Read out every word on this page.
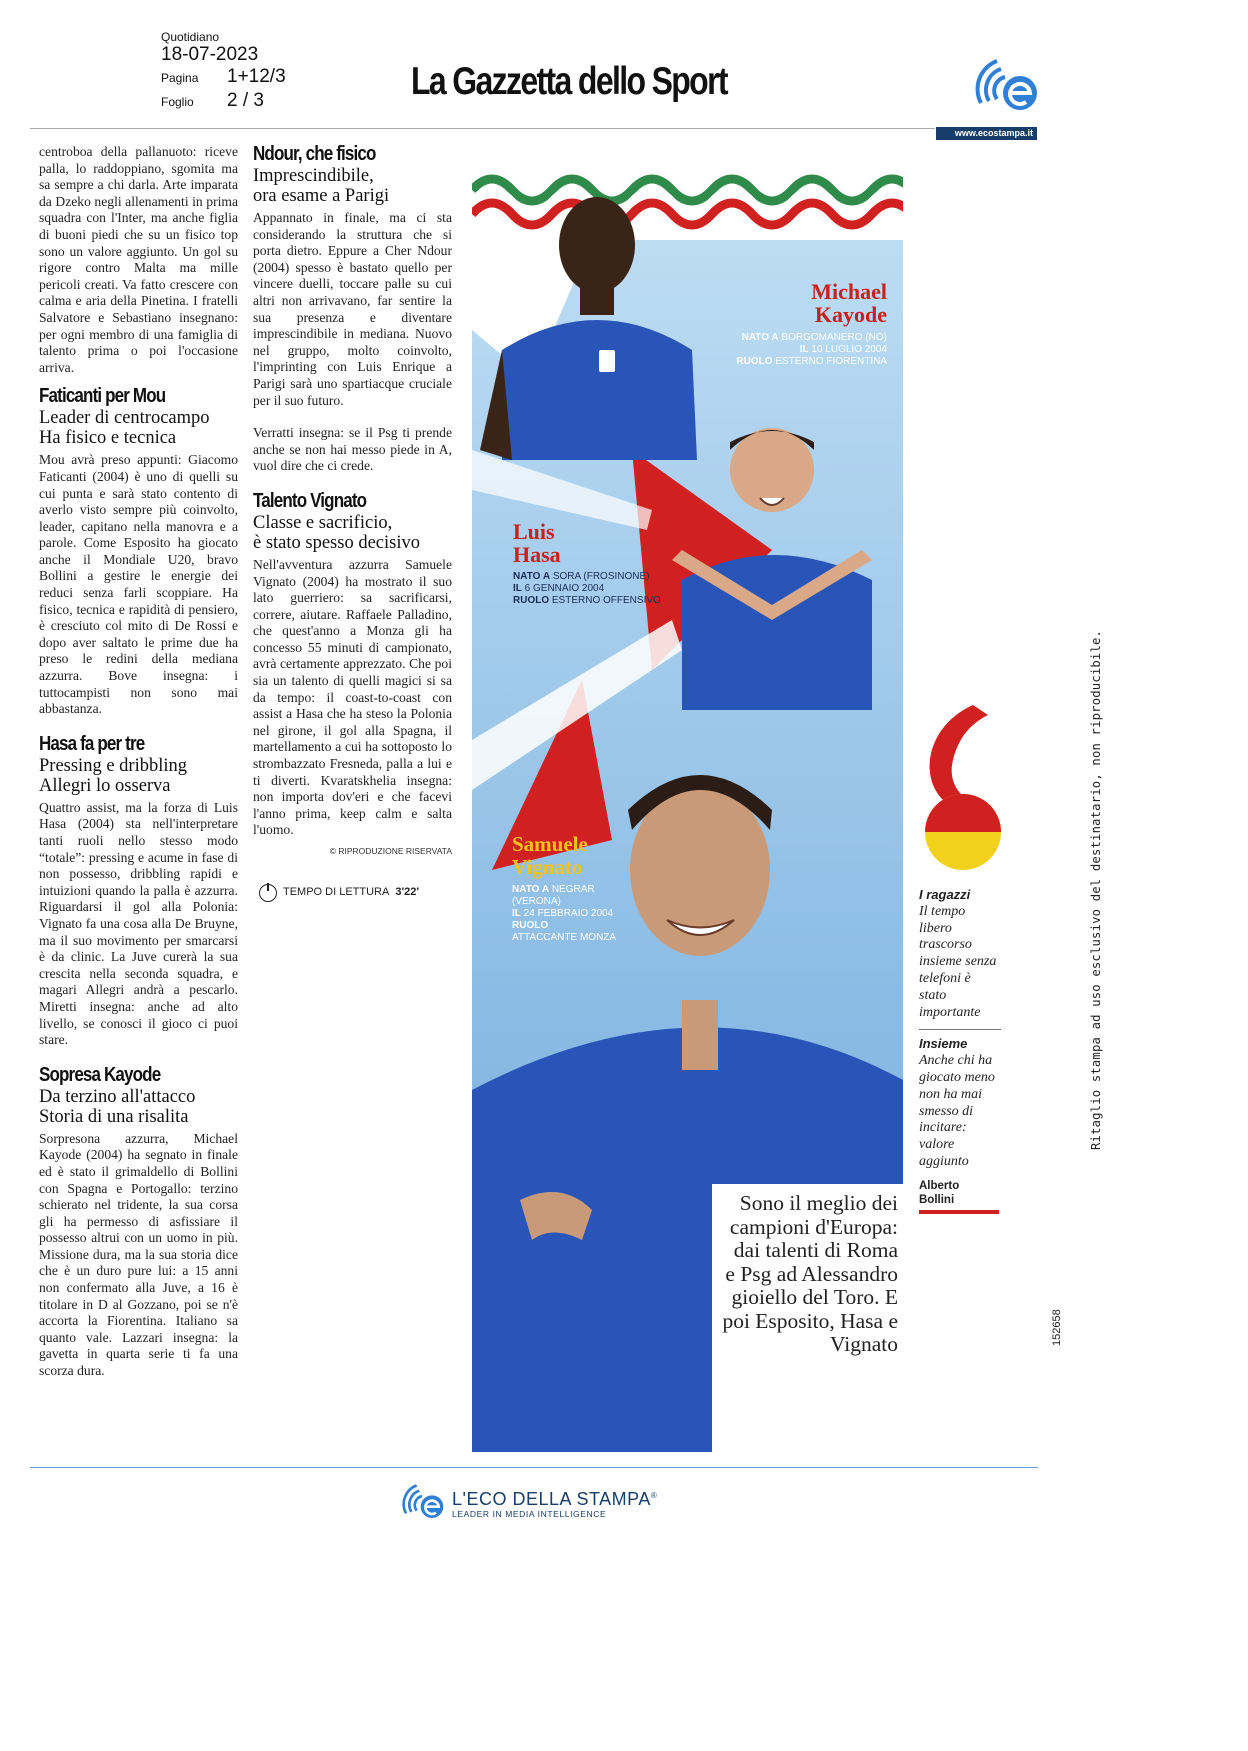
Quotidiano
18-07-2023
Pagina	1+12/3
Foglio	2 / 3	La Gazzetta dello Sport
www.ecostampa.it

centroboa della pallanuoto: riceve palla, lo raddoppiano, sgomita ma sa sempre a chi darla. Arte imparata da Dzeko negli allenamenti in prima squadra con l'Inter, ma anche figlia di buoni piedi che su un fisico top sono un valore aggiunto. Un gol su rigore contro Malta ma mille pericoli creati. Va fatto crescere con calma e aria della Pinetina. I fratelli Salvatore e Sebastiano insegnano: per ogni membro di una famiglia di talento prima o poi l'occasione arriva.

Faticanti per Mou
Leader di centrocampo
Ha fisico e tecnica

Mou avrà preso appunti: Giacomo Faticanti (2004) è uno di quelli su cui punta e sarà stato contento di averlo visto sempre più coinvolto, leader, capitano nella manovra e a parole. Come Esposito ha giocato anche il Mondiale U20, bravo Bollini a gestire le energie dei reduci senza farli scoppiare. Ha fisico, tecnica e rapidità di pensiero, è cresciuto col mito di De Rossi e dopo aver saltato le prime due ha preso le redini della mediana azzurra. Bove insegna: i tuttocampisti non sono mai abbastanza.

Hasa fa per tre
Pressing e dribbling
Allegri lo osserva

Quattro assist, ma la forza di Luis Hasa (2004) sta nell'interpretare tanti ruoli nello stesso modo “totale”: pressing e acume in fase di non possesso, dribbling rapidi e intuizioni quando la palla è azzurra. Riguardarsi il gol alla Polonia: Vignato fa una cosa alla De Bruyne, ma il suo movimento per smarcarsi è da clinic. La Juve curerà la sua crescita nella seconda squadra, e magari Allegri andrà a pescarlo. Miretti insegna: anche ad alto livello, se conosci il gioco ci puoi stare.

Sopresa Kayode
Da terzino all'attacco
Storia di una risalita

Sorpresona azzurra, Michael Kayode (2004) ha segnato in finale ed è stato il grimaldello di Bollini con Spagna e Portogallo: terzino schierato nel tridente, la sua corsa gli ha permesso di asfissiare il possesso altrui con un uomo in più. Missione dura, ma la sua storia dice che è un duro pure lui: a 15 anni non confermato alla Juve, a 16 è titolare in D al Gozzano, poi se n'è accorta la Fiorentina. Italiano sa quanto vale. Lazzari insegna: la gavetta in quarta serie ti fa una scorza dura.

Ndour, che fisico
Imprescindibile,
ora esame a Parigi

Appannato in finale, ma ci sta considerando la struttura che si porta dietro. Eppure a Cher Ndour (2004) spesso è bastato quello per vincere duelli, toccare palle su cui altri non arrivavano, far sentire la sua presenza e diventare imprescindibile in mediana. Nuovo nel gruppo, molto coinvolto, l'imprinting con Luis Enrique a Parigi sarà uno spartiacque cruciale per il suo futuro.

Verratti insegna: se il Psg ti prende anche se non hai messo piede in A, vuol dire che ci crede.

Talento Vignato
Classe e sacrificio,
è stato spesso decisivo

Nell'avventura azzurra Samuele Vignato (2004) ha mostrato il suo lato guerriero: sa sacrificarsi, correre, aiutare. Raffaele Palladino, che quest'anno a Monza gli ha concesso 55 minuti di campionato, avrà certamente apprezzato. Che poi sia un talento di quelli magici si sa da tempo: il coast-to-coast con assist a Hasa che ha steso la Polonia nel girone, il gol alla Spagna, il martellamento a cui ha sottoposto lo strombazzato Fresneda, palla a lui e ti diverti. Kvaratskhelia insegna: non importa dov'eri e che facevi l'anno prima, keep calm e salta l'uomo.

© RIPRODUZIONE RISERVATA
TEMPO DI LETTURA 3'22'
Michael
Kayode
NATO A BORGOMANERO (NO)
IL 10 LUGLIO 2004
RUOLO ESTERNO FIORENTINA
Luis
Hasa
NATO A SORA (FROSINONE)
IL 6 GENNAIO 2004
RUOLO ESTERNO OFFENSIVO
Samuele
Vignato
NATO A NEGRAR
(VERONA)
IL 24 FEBBRAIO 2004
RUOLO
ATTACCANTE MONZA
Sono il meglio dei campioni d'Europa: dai talenti di Roma e Psg ad Alessandro gioiello del Toro. E poi Esposito, Hasa e Vignato
I ragazzi
Il tempo libero trascorso insieme senza telefoni è stato importante
Insieme
Anche chi ha giocato meno non ha mai smesso di incitare: valore aggiunto
Alberto
Bollini
Ritaglio stampa ad uso esclusivo del destinatario, non riproducibile.
152658
L'ECO DELLA STAMPA®
LEADER IN MEDIA INTELLIGENCE
